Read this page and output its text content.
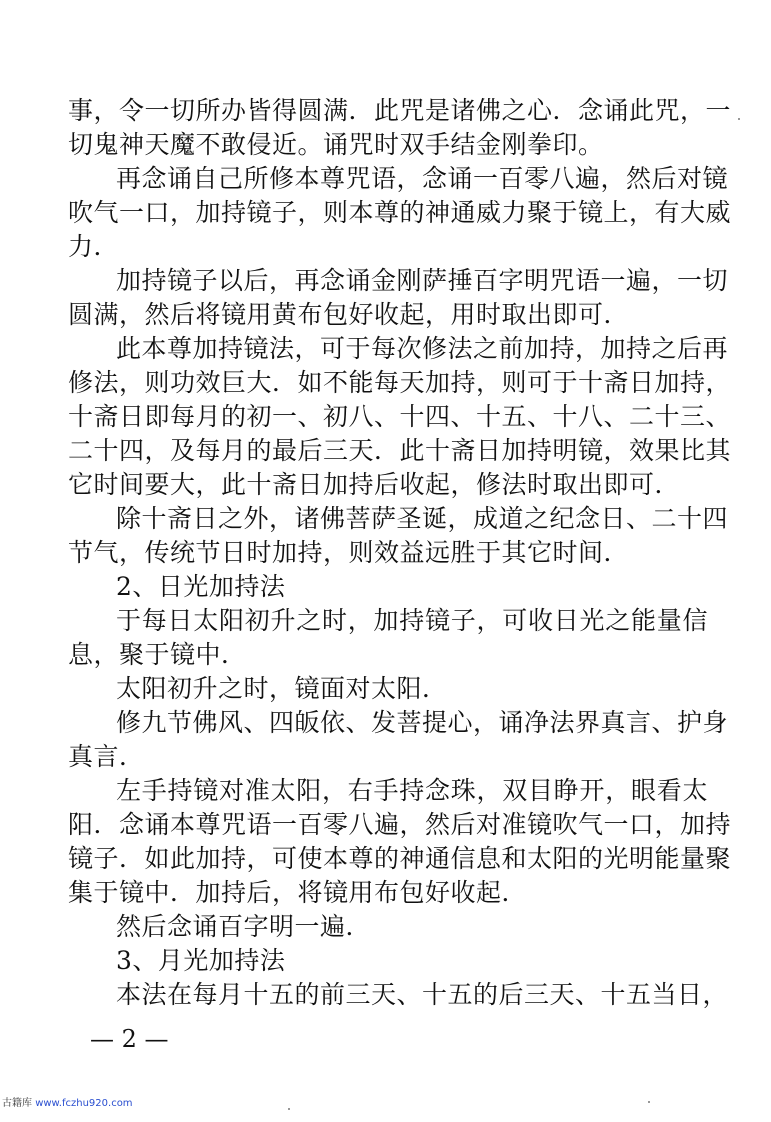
事，令一切所办皆得圆满．此咒是诸佛之心．念诵此咒，一
切鬼神天魔不敢侵近。诵咒时双手结金刚拳印。
再念诵自己所修本尊咒语，念诵一百零八遍，然后对镜
吹气一口，加持镜子，则本尊的神通威力聚于镜上，有大威
力．
加持镜子以后，再念诵金刚萨捶百字明咒语一遍，一切
圆满，然后将镜用黄布包好收起，用时取出即可．
此本尊加持镜法，可于每次修法之前加持，加持之后再
修法，则功效巨大．如不能每天加持，则可于十斋日加持，
十斋日即每月的初一、初八、十四、十五、十八、二十三、
二十四，及每月的最后三天．此十斋日加持明镜，效果比其
它时间要大，此十斋日加持后收起，修法时取出即可．
除十斋日之外，诸佛菩萨圣诞，成道之纪念日、二十四
节气，传统节日时加持，则效益远胜于其它时间．
2、日光加持法
于每日太阳初升之时，加持镜子，可收日光之能量信
息，聚于镜中．
太阳初升之时，镜面对太阳．
修九节佛风、四皈依、发菩提心，诵净法界真言、护身
真言．
左手持镜对准太阳，右手持念珠，双目睁开，眼看太
阳．念诵本尊咒语一百零八遍，然后对准镜吹气一口，加持
镜子．如此加持，可使本尊的神通信息和太阳的光明能量聚
集于镜中．加持后，将镜用布包好收起．
然后念诵百字明一遍．
3、月光加持法
本法在每月十五的前三天、十五的后三天、十五当日，
— 2 —
古籍库 www.fczhu920.com
